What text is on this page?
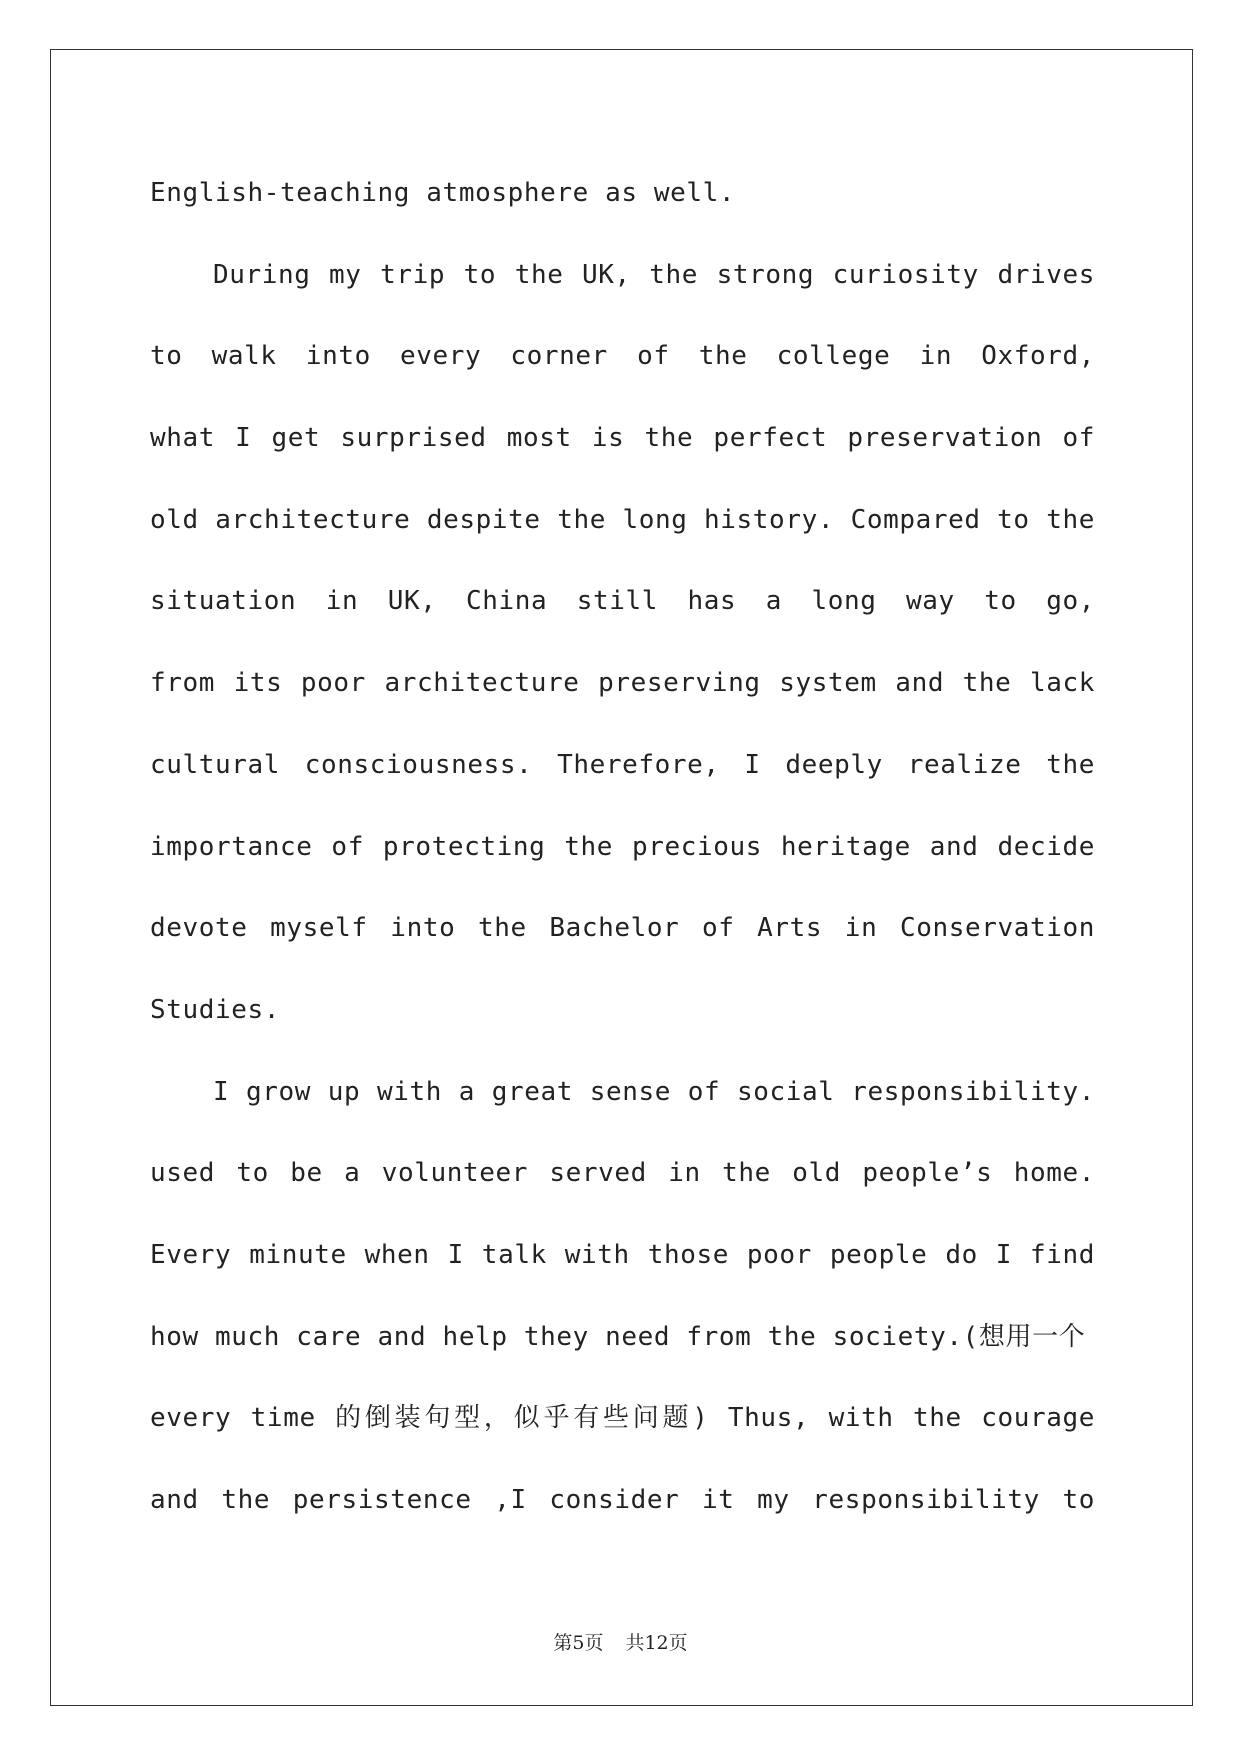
English-teaching atmosphere as well.
During my trip to the UK, the strong curiosity drives
to walk into every corner of the college in Oxford,
what I get surprised most is the perfect preservation of
old architecture despite the long history. Compared to the
situation in UK, China still has a long way to go,
from its poor architecture preserving system and the lack
cultural consciousness. Therefore, I deeply realize the
importance of protecting the precious heritage and decide
devote myself into the Bachelor of Arts in Conservation
Studies.
I grow up with a great sense of social responsibility.
used to be a volunteer served in the old people’s home.
Every minute when I talk with those poor people do I find
how much care and help they need from the society.(想用一个
every time 的倒装句型，似乎有些问题) Thus, with the courage
and the persistence ,I consider it my responsibility to
第5页 共12页
